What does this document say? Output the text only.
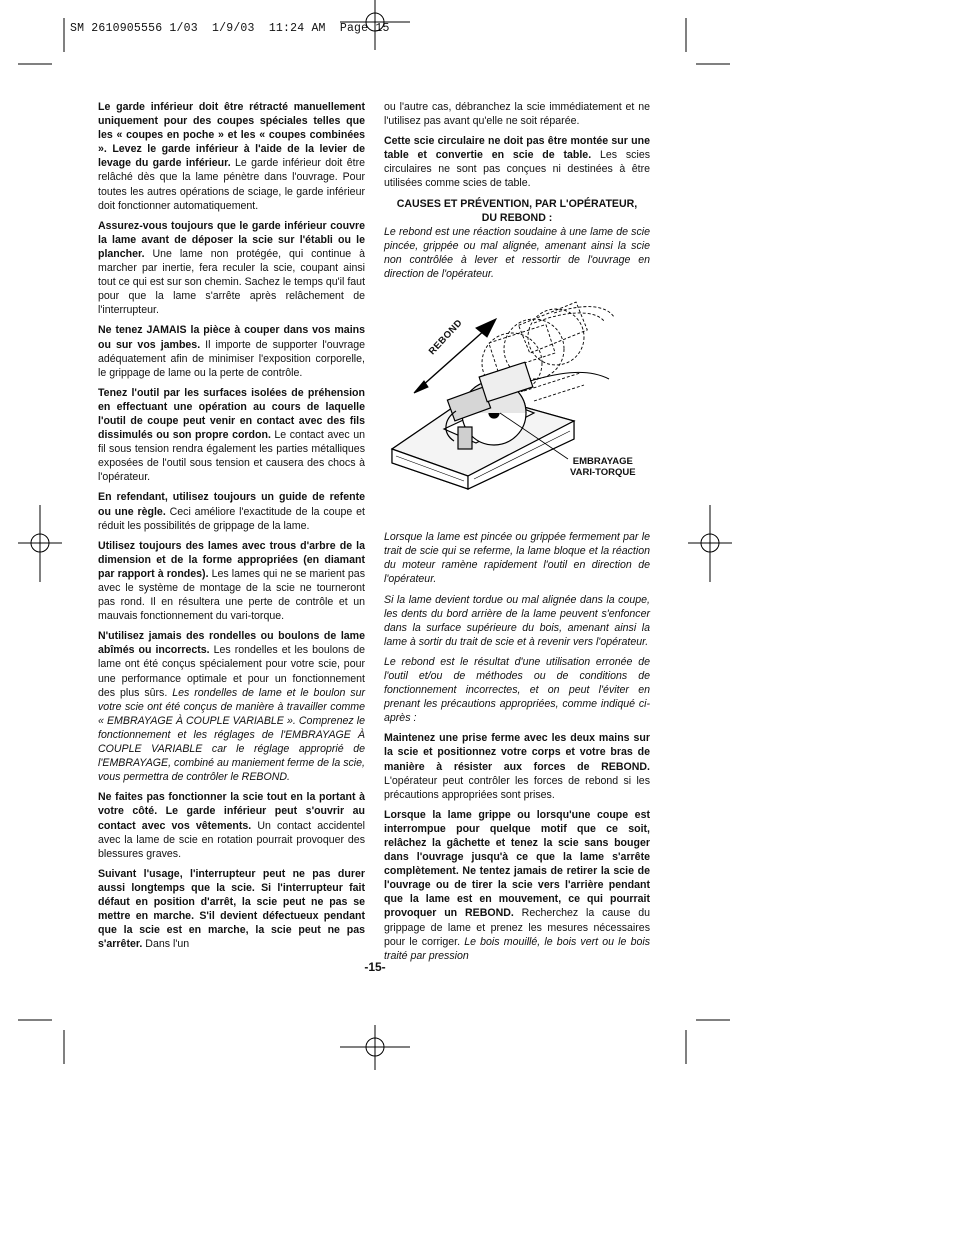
SM 2610905556 1/03  1/9/03  11:24 AM  Page 15

Le garde inférieur doit être rétracté manuellement uniquement pour des coupes spéciales telles que les « coupes en poche » et les « coupes combinées ». Levez le garde inférieur à l'aide de la levier de levage du garde inférieur. Le garde inférieur doit être relâché dès que la lame pénètre dans l'ouvrage. Pour toutes les autres opérations de sciage, le garde inférieur doit fonctionner automatiquement.

Assurez-vous toujours que le garde inférieur couvre la lame avant de déposer la scie sur l'établi ou le plancher. Une lame non protégée, qui continue à marcher par inertie, fera reculer la scie, coupant ainsi tout ce qui est sur son chemin. Sachez le temps qu'il faut pour que la lame s'arrête après relâchement de l'interrupteur.

Ne tenez JAMAIS la pièce à couper dans vos mains ou sur vos jambes. Il importe de supporter l'ouvrage adéquatement afin de minimiser l'exposition corporelle, le grippage de lame ou la perte de contrôle.

Tenez l'outil par les surfaces isolées de préhension en effectuant une opération au cours de laquelle l'outil de coupe peut venir en contact avec des fils dissimulés ou son propre cordon. Le contact avec un fil sous tension rendra également les parties métalliques exposées de l'outil sous tension et causera des chocs à l'opérateur.

En refendant, utilisez toujours un guide de refente ou une règle. Ceci améliore l'exactitude de la coupe et réduit les possibilités de grippage de la lame.

Utilisez toujours des lames avec trous d'arbre de la dimension et de la forme appropriées (en diamant par rapport à rondes). Les lames qui ne se marient pas avec le système de montage de la scie ne tourneront pas rond. Il en résultera une perte de contrôle et un mauvais fonctionnement du vari-torque.

N'utilisez jamais des rondelles ou boulons de lame abîmés ou incorrects. Les rondelles et les boulons de lame ont été conçus spécialement pour votre scie, pour une performance optimale et pour un fonctionnement des plus sûrs. Les rondelles de lame et le boulon sur votre scie ont été conçus de manière à travailler comme « EMBRAYAGE À COUPLE VARIABLE ». Comprenez le fonctionnement et les réglages de l'EMBRAYAGE À COUPLE VARIABLE car le réglage approprié de l'EMBRAYAGE, combiné au maniement ferme de la scie, vous permettra de contrôler le REBOND.

Ne faites pas fonctionner la scie tout en la portant à votre côté. Le garde inférieur peut s'ouvrir au contact avec vos vêtements. Un contact accidentel avec la lame de scie en rotation pourrait provoquer des blessures graves.

Suivant l'usage, l'interrupteur peut ne pas durer aussi longtemps que la scie. Si l'interrupteur fait défaut en position d'arrêt, la scie peut ne pas se mettre en marche. S'il devient défectueux pendant que la scie est en marche, la scie peut ne pas s'arrêter. Dans l'un

ou l'autre cas, débranchez la scie immédiatement et ne l'utilisez pas avant qu'elle ne soit réparée.

Cette scie circulaire ne doit pas être montée sur une table et convertie en scie de table. Les scies circulaires ne sont pas conçues ni destinées à être utilisées comme scies de table.

CAUSES ET PRÉVENTION, PAR L'OPÉRATEUR,
DU REBOND :

Le rebond est une réaction soudaine à une lame de scie pincée, grippée ou mal alignée, amenant ainsi la scie non contrôlée à lever et ressortir de l'ouvrage en direction de l'opérateur.

REBOND
EMBRAYAGE
VARI-TORQUE

Lorsque la lame est pincée ou grippée fermement par le trait de scie qui se referme, la lame bloque et la réaction du moteur ramène rapidement l'outil en direction de l'opérateur.

Si la lame devient tordue ou mal alignée dans la coupe, les dents du bord arrière de la lame peuvent s'enfoncer dans la surface supérieure du bois, amenant ainsi la lame à sortir du trait de scie et à revenir vers l'opérateur.

Le rebond est le résultat d'une utilisation erronée de l'outil et/ou de méthodes ou de conditions de fonctionnement incorrectes, et on peut l'éviter en prenant les précautions appropriées, comme indiqué ci-après :

Maintenez une prise ferme avec les deux mains sur la scie et positionnez votre corps et votre bras de manière à résister aux forces de REBOND. L'opérateur peut contrôler les forces de rebond si les précautions appropriées sont prises.

Lorsque la lame grippe ou lorsqu'une coupe est interrompue pour quelque motif que ce soit, relâchez la gâchette et tenez la scie sans bouger dans l'ouvrage jusqu'à ce que la lame s'arrête complètement. Ne tentez jamais de retirer la scie de l'ouvrage ou de tirer la scie vers l'arrière pendant que la lame est en mouvement, ce qui pourrait provoquer un REBOND. Recherchez la cause du grippage de lame et prenez les mesures nécessaires pour le corriger. Le bois mouillé, le bois vert ou le bois traité par pression

-15-
